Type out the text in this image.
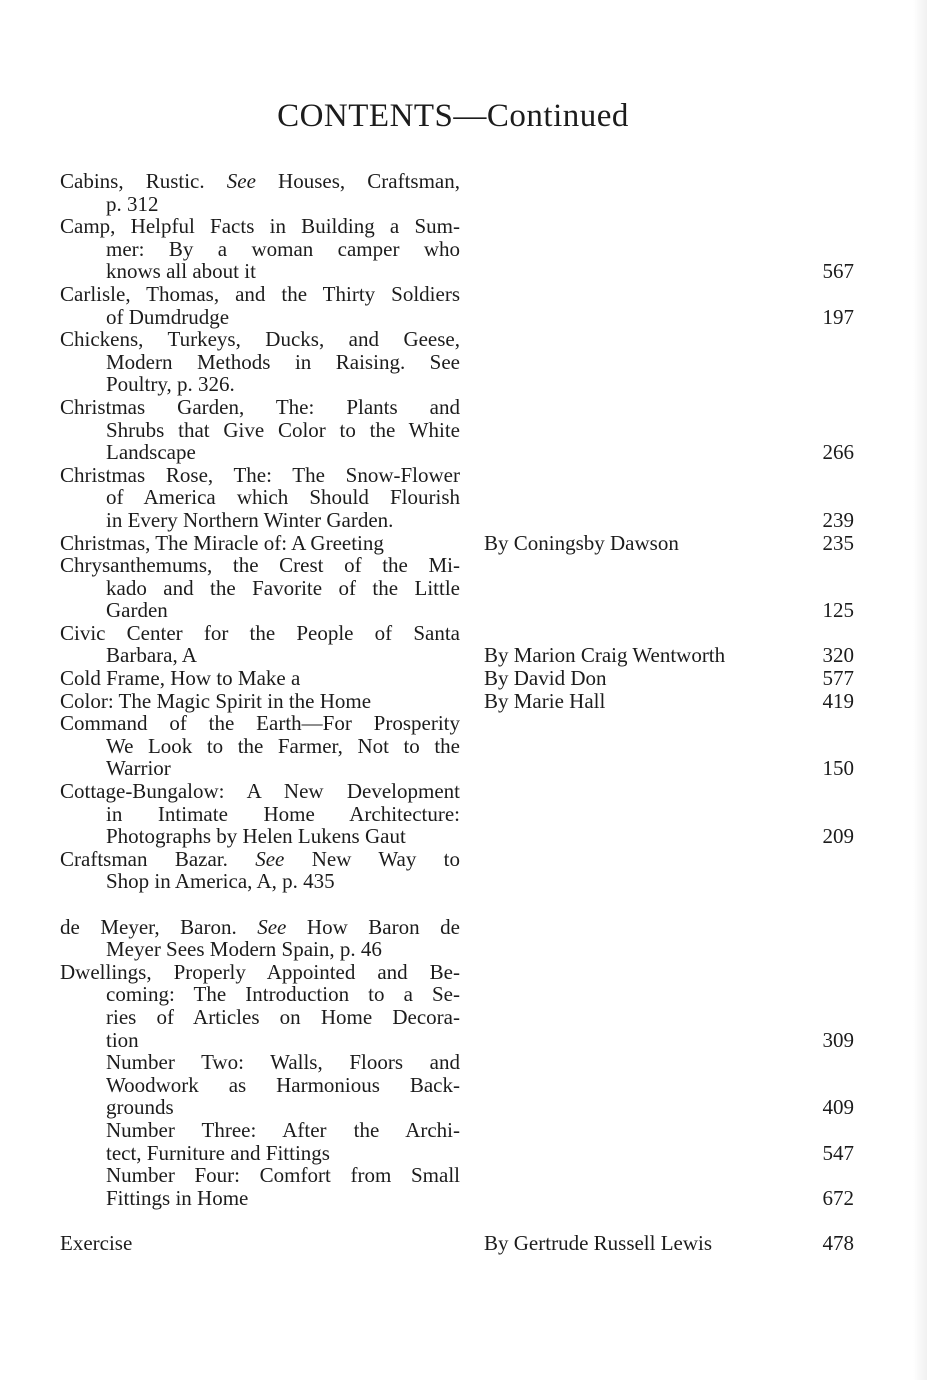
CONTENTS—Continued
Cabins, Rustic. See Houses, Craftsman,
p. 312
Camp, Helpful Facts in Building a Sum-
mer: By a woman camper who
knows all about it	567
Carlisle, Thomas, and the Thirty Soldiers
of Dumdrudge	197
Chickens, Turkeys, Ducks, and Geese,
Modern Methods in Raising. See
Poultry, p. 326.
Christmas Garden, The: Plants and
Shrubs that Give Color to the White
Landscape	266
Christmas Rose, The: The Snow-Flower
of America which Should Flourish
in Every Northern Winter Garden.	239
Christmas, The Miracle of: A Greeting	By Coningsby Dawson	235
Chrysanthemums, the Crest of the Mi-
kado and the Favorite of the Little
Garden	125
Civic Center for the People of Santa
Barbara, A	By Marion Craig Wentworth	320
Cold Frame, How to Make a	By David Don	577
Color: The Magic Spirit in the Home	By Marie Hall	419
Command of the Earth—For Prosperity
We Look to the Farmer, Not to the
Warrior	150
Cottage-Bungalow: A New Development
in Intimate Home Architecture:
Photographs by Helen Lukens Gaut	209
Craftsman Bazar. See New Way to
Shop in America, A, p. 435
de Meyer, Baron. See How Baron de
Meyer Sees Modern Spain, p. 46
Dwellings, Properly Appointed and Be-
coming: The Introduction to a Se-
ries of Articles on Home Decora-
tion	309
Number Two: Walls, Floors and
Woodwork as Harmonious Back-
grounds	409
Number Three: After the Archi-
tect, Furniture and Fittings	547
Number Four: Comfort from Small
Fittings in Home	672
Exercise	By Gertrude Russell Lewis	478
